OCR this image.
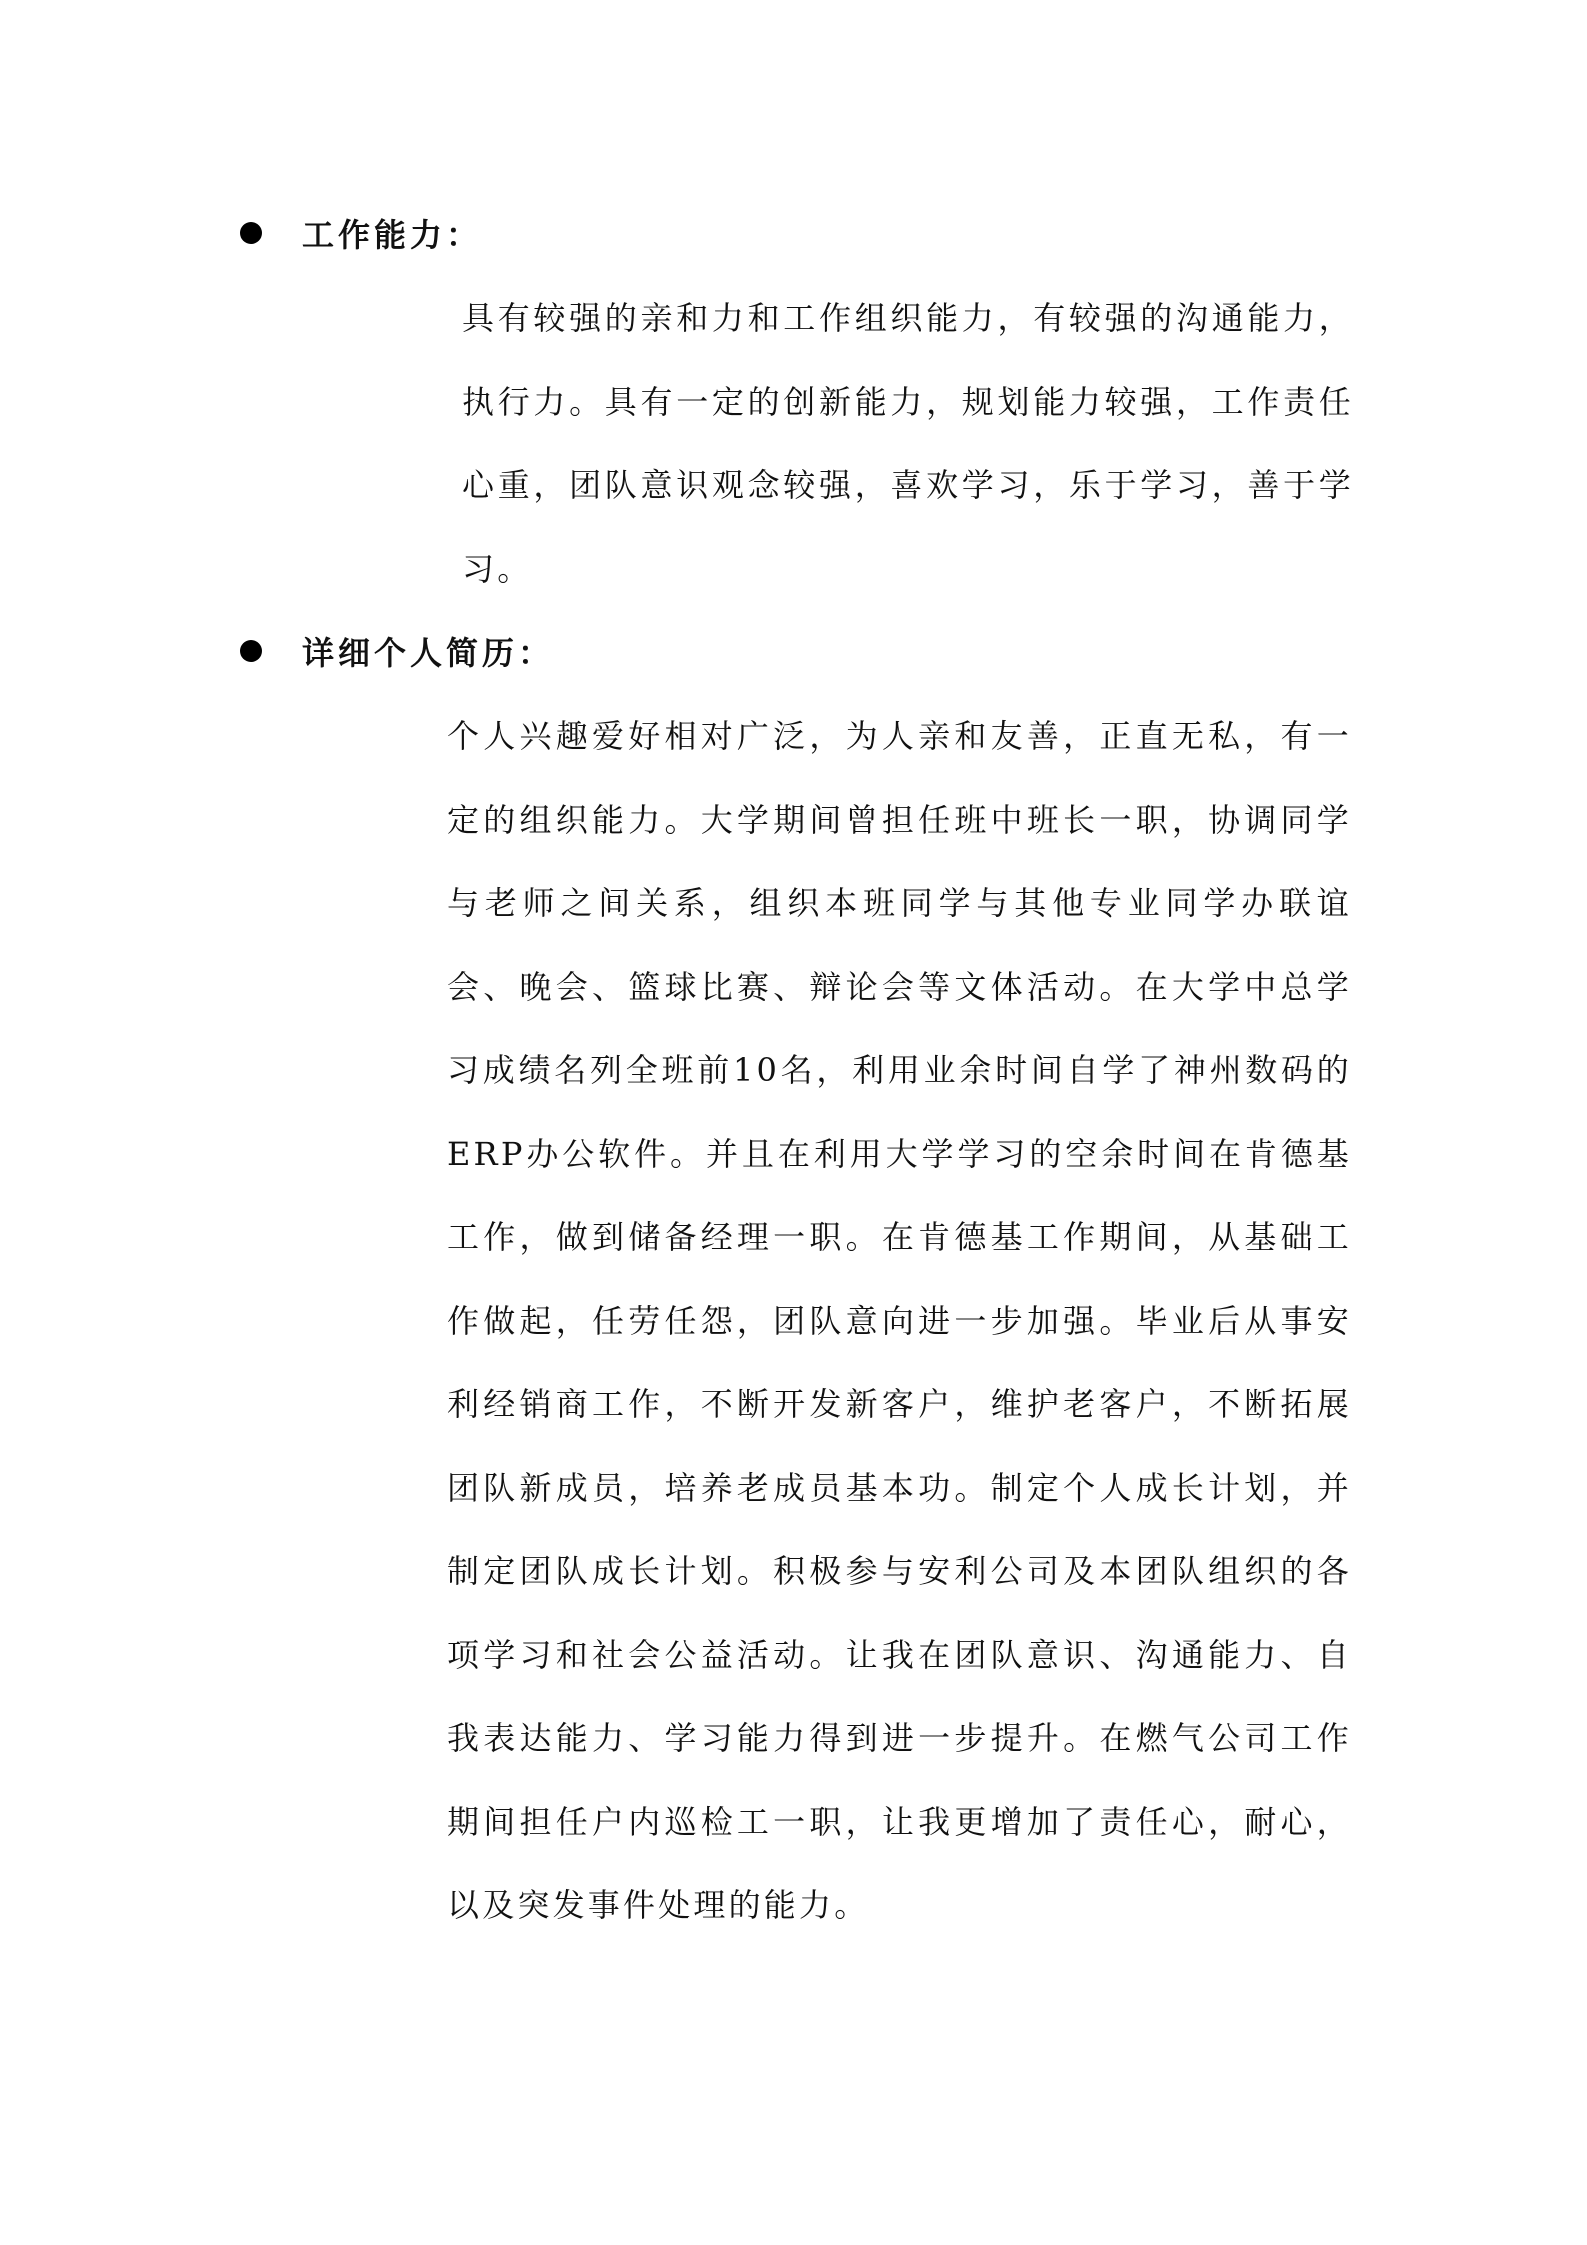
工作能力：

具有较强的亲和力和工作组织能力，有较强的沟通能力，执行力。具有一定的创新能力，规划能力较强，工作责任心重，团队意识观念较强，喜欢学习，乐于学习，善于学习。

详细个人简历：

个人兴趣爱好相对广泛，为人亲和友善，正直无私，有一定的组织能力。大学期间曾担任班中班长一职，协调同学与老师之间关系，组织本班同学与其他专业同学办联谊会、晚会、篮球比赛、辩论会等文体活动。在大学中总学习成绩名列全班前10名，利用业余时间自学了神州数码的ERP办公软件。并且在利用大学学习的空余时间在肯德基工作，做到储备经理一职。在肯德基工作期间，从基础工作做起，任劳任怨，团队意向进一步加强。毕业后从事安利经销商工作，不断开发新客户，维护老客户，不断拓展团队新成员，培养老成员基本功。制定个人成长计划，并制定团队成长计划。积极参与安利公司及本团队组织的各项学习和社会公益活动。让我在团队意识、沟通能力、自我表达能力、学习能力得到进一步提升。在燃气公司工作期间担任户内巡检工一职，让我更增加了责任心，耐心，以及突发事件处理的能力。
